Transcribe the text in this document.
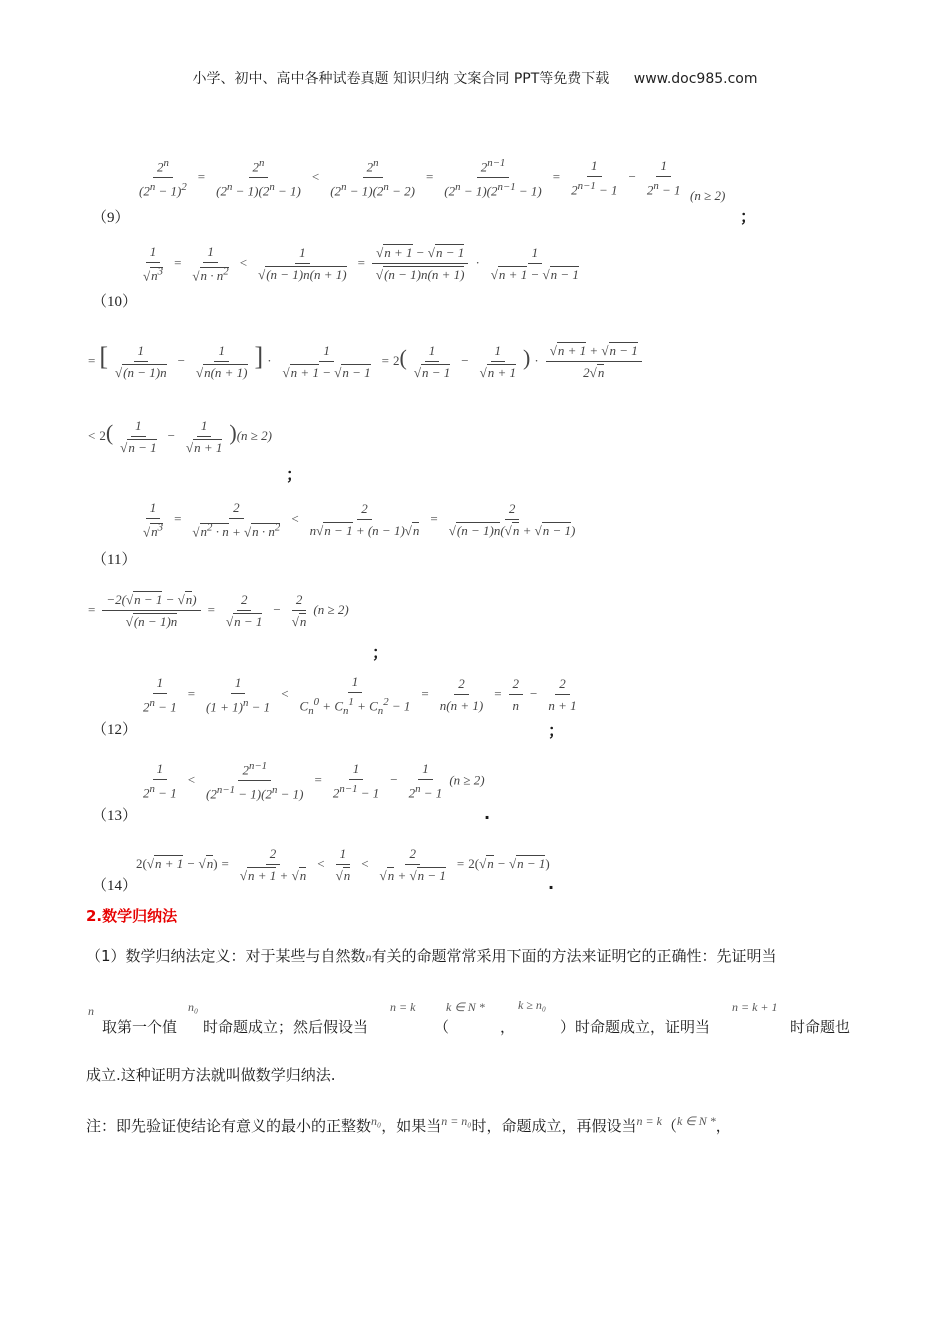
小学、初中、高中各种试卷真题 知识归纳 文案合同 PPT等免费下载 www.doc985.com
$\frac{2^n}{(2^n - 1)^2} = \frac{2^n}{(2^n - 1)(2^n - 1)} < \frac{2^n}{(2^n - 1)(2^n - 2)} = \frac{2^{n-1}}{(2^n - 1)(2^{n-1} - 1)} = \frac{1}{2^{n-1} - 1} - \frac{1}{2^n - 1} (n \ge 2)$
（9）	；
$\frac{1}{√n^3} = \frac{1}{√n \cdot n^2} < \frac{1}{√(n - 1)n(n + 1)} = \frac{√n + 1 - √n - 1}{√(n - 1)n(n + 1)} \cdot \frac{1}{√n + 1 - √n - 1}$
（10）
= [ $\frac{1}{√(n - 1)n} - \frac{1}{√n(n + 1)}$ ] · $\frac{1}{√n + 1 - √n - 1} = 2( \frac{1}{√n - 1} - \frac{1}{√n + 1}$ ) · $\frac{√n + 1 + √n - 1}{2√n}$
< $2( \frac{1}{√n - 1} - \frac{1}{√n + 1} )(n \ge 2)$
；
$\frac{1}{√n^3} = \frac{2}{√n^2 \cdot n + √n \cdot n^2} < \frac{2}{n√n - 1 + (n - 1)√n} = \frac{2}{√(n - 1)n(√n + √n - 1)}$
（11）
= $\frac{-2(√n - 1 - √n)}{√(n - 1)n} = \frac{2}{√n - 1} - \frac{2}{√n} (n \ge 2)$
；
$\frac{1}{2^n - 1} = \frac{1}{(1 + 1)^n - 1} < \frac{1}{C_n^0 + C_n^1 + C_n^2 - 1} = \frac{2}{n(n + 1)} = \frac{2}{n} - \frac{2}{n + 1}$
（12）	；
$\frac{1}{2^n - 1} < \frac{2^{n-1}}{(2^{n-1} - 1)(2^n - 1)} = \frac{1}{2^{n-1} - 1} - \frac{1}{2^n - 1} (n \ge 2)$
（13）	.
$2(√n + 1 - √n) = \frac{2}{√n + 1 + √n} < \frac{1}{√n} < \frac{2}{√n + √n - 1} = 2(√n - √n - 1)$
（14）	.
2.数学归纳法
（1）数学归纳法定义：对于某些与自然数n有关的命题常常采用下面的方法来证明它的正确性：先证明当
n
取第一个值
n₀
时命题成立；然后假设当
n = k
（
k ∈ N *
，
k ≥ n₀
）时命题成立，证明当
n = k + 1
时命题也
成立.这种证明方法就叫做数学归纳法.
注：即先验证使结论有意义的最小的正整数$^{n_0}$，如果当$^{n = n_0}$时，命题成立，再假设当$^{n = k}$（$^{k \in N *}$，
